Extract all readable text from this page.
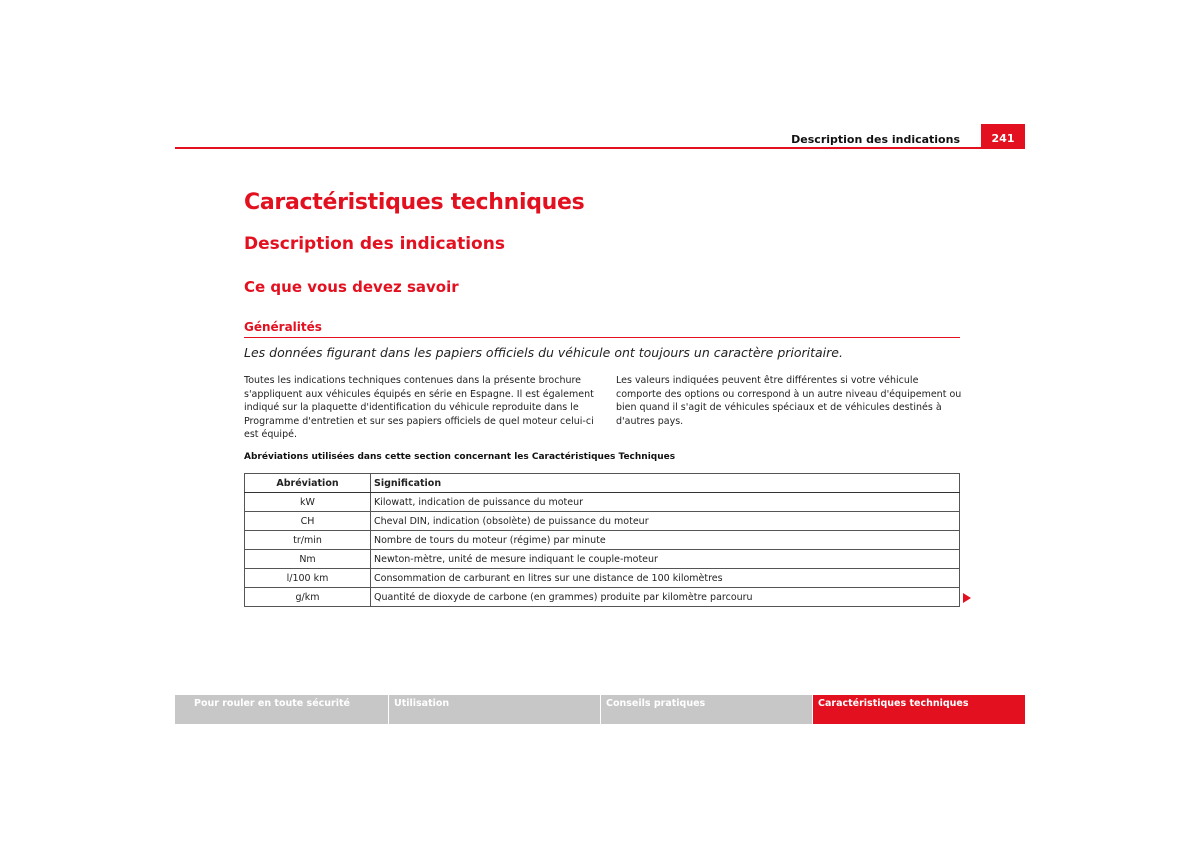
Description des indications	241
Caractéristiques techniques
Description des indications
Ce que vous devez savoir
Généralités
Les données figurant dans les papiers officiels du véhicule ont toujours un caractère prioritaire.
Toutes les indications techniques contenues dans la présente brochure s'appliquent aux véhicules équipés en série en Espagne. Il est également indiqué sur la plaquette d'identification du véhicule reproduite dans le Programme d'entretien et sur ses papiers officiels de quel moteur celui-ci est équipé.
Les valeurs indiquées peuvent être différentes si votre véhicule comporte des options ou correspond à un autre niveau d'équipement ou bien quand il s'agit de véhicules spéciaux et de véhicules destinés à d'autres pays.
Abréviations utilisées dans cette section concernant les Caractéristiques Techniques
Abréviation	Signification
kW	Kilowatt, indication de puissance du moteur
CH	Cheval DIN, indication (obsolète) de puissance du moteur
tr/min	Nombre de tours du moteur (régime) par minute
Nm	Newton-mètre, unité de mesure indiquant le couple-moteur
l/100 km	Consommation de carburant en litres sur une distance de 100 kilomètres
g/km	Quantité de dioxyde de carbone (en grammes) produite par kilomètre parcouru
Pour rouler en toute sécurité	Utilisation	Conseils pratiques	Caractéristiques techniques
